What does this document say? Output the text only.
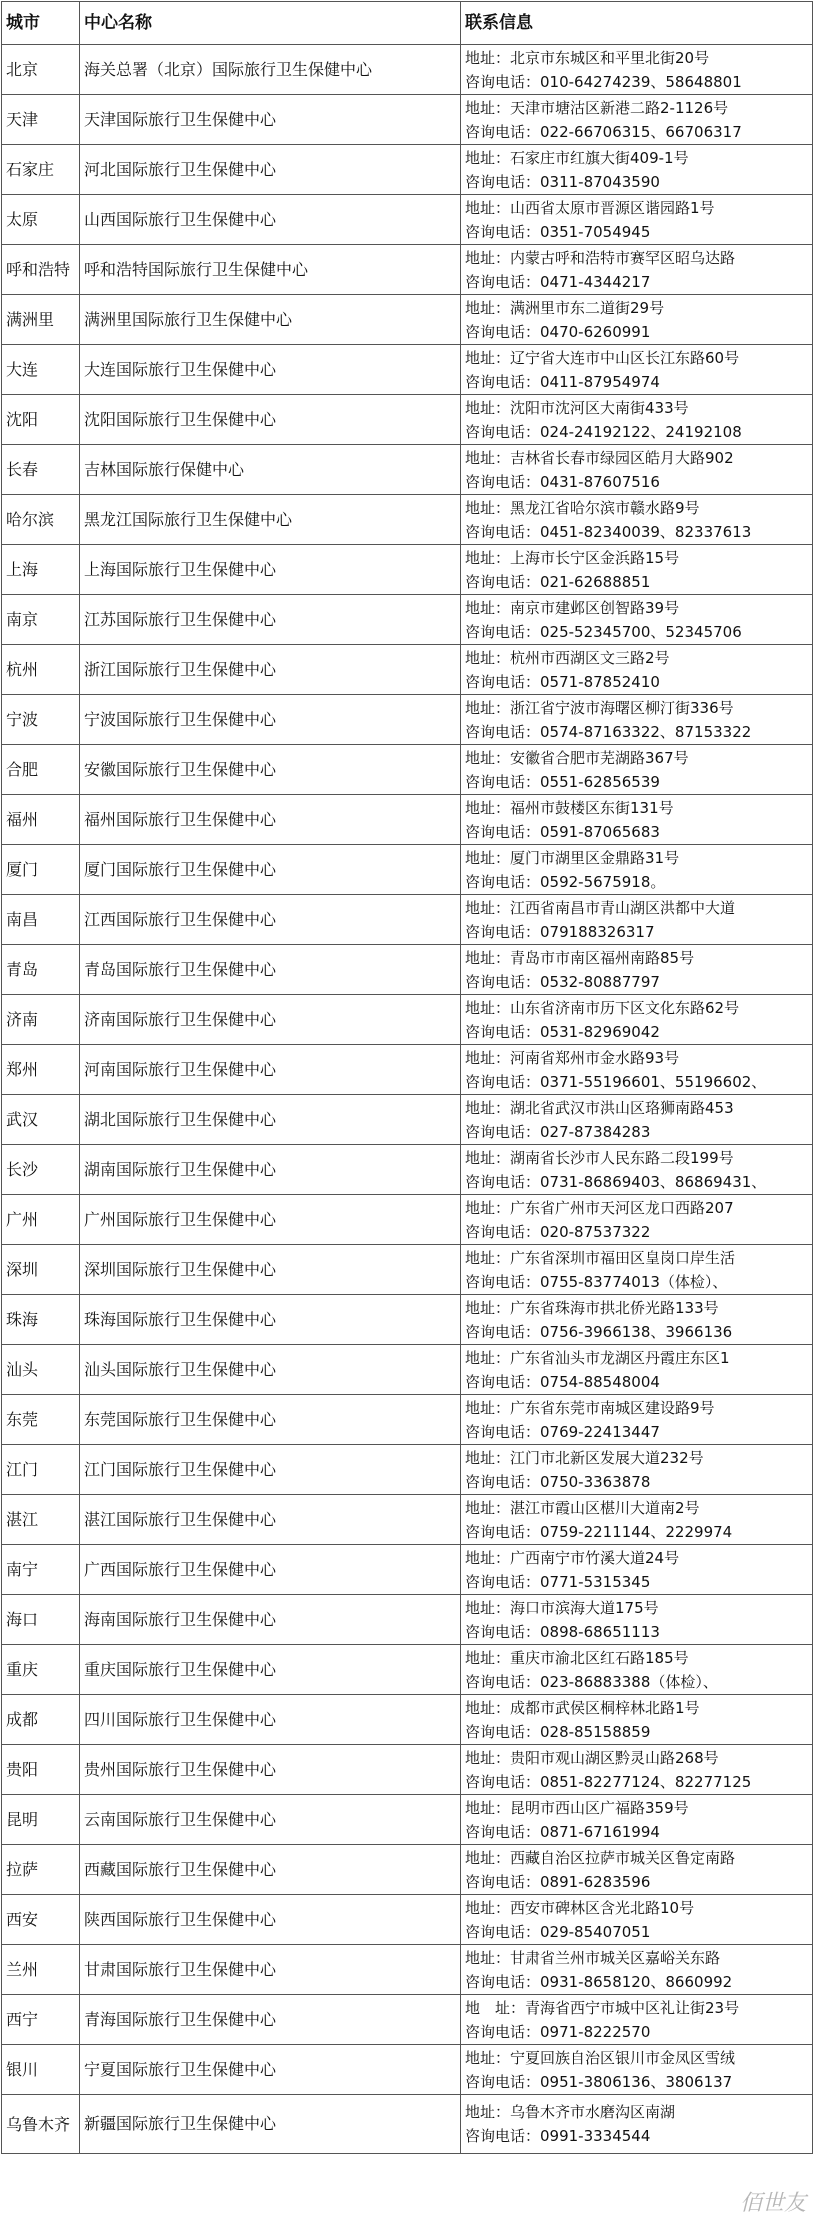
城市	中心名称	联系信息
北京	海关总署（北京）国际旅行卫生保健中心	地址：北京市东城区和平里北街20号
咨询电话：010-64274239、58648801

天津	天津国际旅行卫生保健中心	地址：天津市塘沽区新港二路2-1126号
咨询电话：022-66706315、66706317

石家庄	河北国际旅行卫生保健中心	地址：石家庄市红旗大街409-1号
咨询电话：0311-87043590

太原	山西国际旅行卫生保健中心	地址：山西省太原市晋源区谐园路1号
咨询电话：0351-7054945

呼和浩特	呼和浩特国际旅行卫生保健中心	地址：内蒙古呼和浩特市赛罕区昭乌达路
咨询电话：0471-4344217

满洲里	满洲里国际旅行卫生保健中心	地址：满洲里市东二道街29号
咨询电话：0470-6260991

大连	大连国际旅行卫生保健中心	地址：辽宁省大连市中山区长江东路60号
咨询电话：0411-87954974

沈阳	沈阳国际旅行卫生保健中心	地址：沈阳市沈河区大南街433号
咨询电话：024-24192122、24192108

长春	吉林国际旅行保健中心	地址：吉林省长春市绿园区皓月大路902
咨询电话：0431-87607516

哈尔滨	黑龙江国际旅行卫生保健中心	地址：黑龙江省哈尔滨市赣水路9号
咨询电话：0451-82340039、82337613

上海	上海国际旅行卫生保健中心	地址：上海市长宁区金浜路15号
咨询电话：021-62688851

南京	江苏国际旅行卫生保健中心	地址：南京市建邺区创智路39号
咨询电话：025-52345700、52345706

杭州	浙江国际旅行卫生保健中心	地址：杭州市西湖区文三路2号
咨询电话：0571-87852410

宁波	宁波国际旅行卫生保健中心	地址：浙江省宁波市海曙区柳汀街336号
咨询电话：0574-87163322、87153322

合肥	安徽国际旅行卫生保健中心	地址：安徽省合肥市芜湖路367号
咨询电话：0551-62856539

福州	福州国际旅行卫生保健中心	地址：福州市鼓楼区东街131号
咨询电话：0591-87065683

厦门	厦门国际旅行卫生保健中心	地址：厦门市湖里区金鼎路31号
咨询电话：0592-5675918。

南昌	江西国际旅行卫生保健中心	地址：江西省南昌市青山湖区洪都中大道
咨询电话：079188326317

青岛	青岛国际旅行卫生保健中心	地址：青岛市市南区福州南路85号
咨询电话：0532-80887797

济南	济南国际旅行卫生保健中心	地址：山东省济南市历下区文化东路62号
咨询电话：0531-82969042

郑州	河南国际旅行卫生保健中心	地址：河南省郑州市金水路93号
咨询电话：0371-55196601、55196602、

武汉	湖北国际旅行卫生保健中心	地址：湖北省武汉市洪山区珞狮南路453
咨询电话：027-87384283

长沙	湖南国际旅行卫生保健中心	地址：湖南省长沙市人民东路二段199号
咨询电话：0731-86869403、86869431、

广州	广州国际旅行卫生保健中心	地址：广东省广州市天河区龙口西路207
咨询电话：020-87537322

深圳	深圳国际旅行卫生保健中心	地址：广东省深圳市福田区皇岗口岸生活
咨询电话：0755-83774013（体检）、

珠海	珠海国际旅行卫生保健中心	地址：广东省珠海市拱北侨光路133号
咨询电话：0756-3966138、3966136

汕头	汕头国际旅行卫生保健中心	地址：广东省汕头市龙湖区丹霞庄东区1
咨询电话：0754-88548004

东莞	东莞国际旅行卫生保健中心	地址：广东省东莞市南城区建设路9号
咨询电话：0769-22413447

江门	江门国际旅行卫生保健中心	地址：江门市北新区发展大道232号
咨询电话：0750-3363878

湛江	湛江国际旅行卫生保健中心	地址：湛江市霞山区椹川大道南2号
咨询电话：0759-2211144、2229974

南宁	广西国际旅行卫生保健中心	地址：广西南宁市竹溪大道24号
咨询电话：0771-5315345

海口	海南国际旅行卫生保健中心	地址：海口市滨海大道175号
咨询电话：0898-68651113

重庆	重庆国际旅行卫生保健中心	地址：重庆市渝北区红石路185号
咨询电话：023-86883388（体检）、

成都	四川国际旅行卫生保健中心	地址：成都市武侯区桐梓林北路1号
咨询电话：028-85158859

贵阳	贵州国际旅行卫生保健中心	地址：贵阳市观山湖区黔灵山路268号
咨询电话：0851-82277124、82277125

昆明	云南国际旅行卫生保健中心	地址：昆明市西山区广福路359号
咨询电话：0871-67161994

拉萨	西藏国际旅行卫生保健中心	地址：西藏自治区拉萨市城关区鲁定南路
咨询电话：0891-6283596

西安	陕西国际旅行卫生保健中心	地址：西安市碑林区含光北路10号
咨询电话：029-85407051

兰州	甘肃国际旅行卫生保健中心	地址：甘肃省兰州市城关区嘉峪关东路
咨询电话：0931-8658120、8660992

西宁	青海国际旅行卫生保健中心	地　址：青海省西宁市城中区礼让街23号
咨询电话：0971-8222570

银川	宁夏国际旅行卫生保健中心	地址：宁夏回族自治区银川市金凤区雪绒
咨询电话：0951-3806136、3806137

乌鲁木齐	新疆国际旅行卫生保健中心	地址：乌鲁木齐市水磨沟区南湖
咨询电话：0991-3334544
佰世友
